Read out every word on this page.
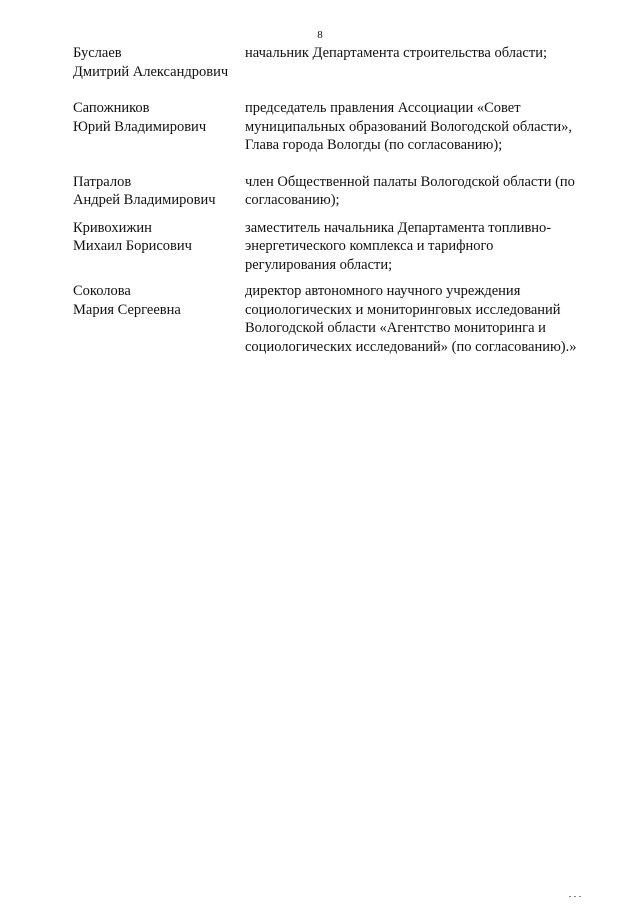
8
Буслаев
Дмитрий Александрович
начальник Департамента строительства области;
Сапожников
Юрий Владимирович
председатель правления Ассоциации «Совет
муниципальных образований Вологодской области»,
Глава города Вологды (по согласованию);
Патралов
Андрей Владимирович
член Общественной палаты Вологодской области (по
согласованию);
Кривохижин
Михаил Борисович
заместитель начальника Департамента топливно-
энергетического комплекса и тарифного
регулирования области;
Соколова
Мария Сергеевна
директор автономного научного учреждения
социологических и мониторинговых исследований
Вологодской области «Агентство мониторинга и
социологических исследований» (по согласованию).»
